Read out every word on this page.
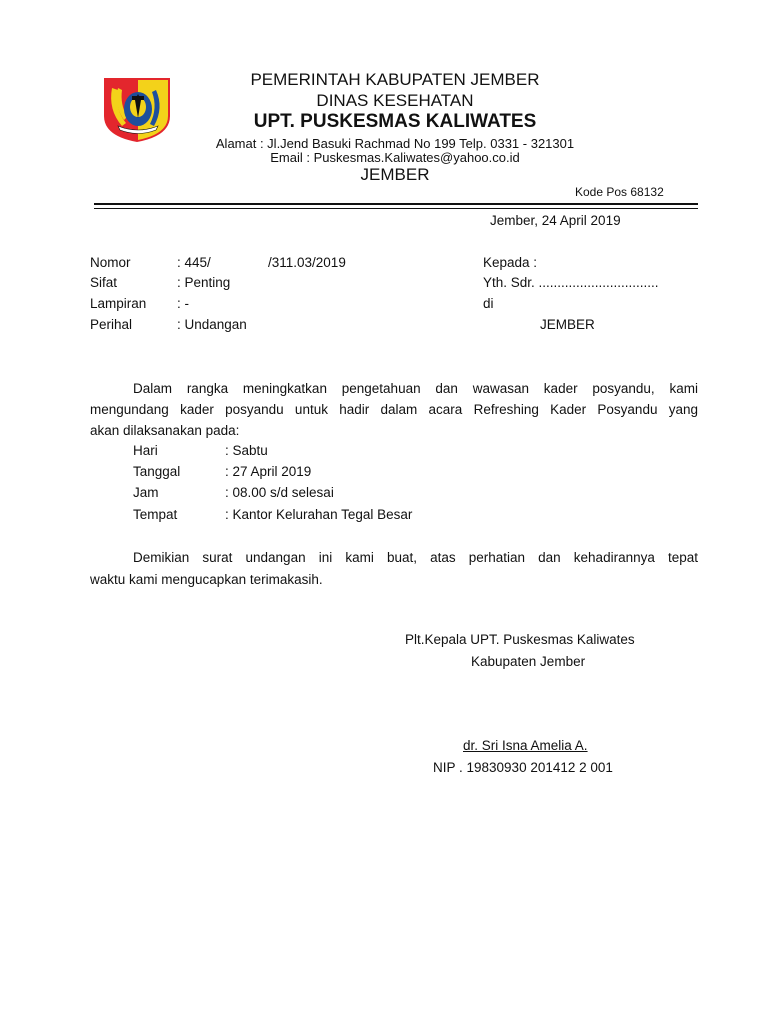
PEMERINTAH KABUPATEN JEMBER
DINAS KESEHATAN
UPT. PUSKESMAS KALIWATES
Alamat : Jl.Jend Basuki Rachmad No 199 Telp. 0331 - 321301
Email : Puskesmas.Kaliwates@yahoo.co.id
JEMBER
Kode Pos 68132
Jember, 24 April 2019
Nomor	: 445/	/311.03/2019
Sifat	: Penting
Lampiran : -
Perihal	: Undangan
Kepada :
Yth. Sdr. ................................
di
JEMBER
Dalam rangka meningkatkan pengetahuan dan wawasan kader posyandu, kami
mengundang kader posyandu untuk hadir dalam acara Refreshing Kader Posyandu yang
akan dilaksanakan pada:
Hari	: Sabtu
Tanggal	: 27 April 2019
Jam	: 08.00 s/d selesai
Tempat	: Kantor Kelurahan Tegal Besar
Demikian surat undangan ini kami buat, atas perhatian dan kehadirannya tepat
waktu kami mengucapkan terimakasih.
Plt.Kepala UPT. Puskesmas Kaliwates
Kabupaten Jember
dr. Sri Isna Amelia A.
NIP . 19830930 201412 2 001
